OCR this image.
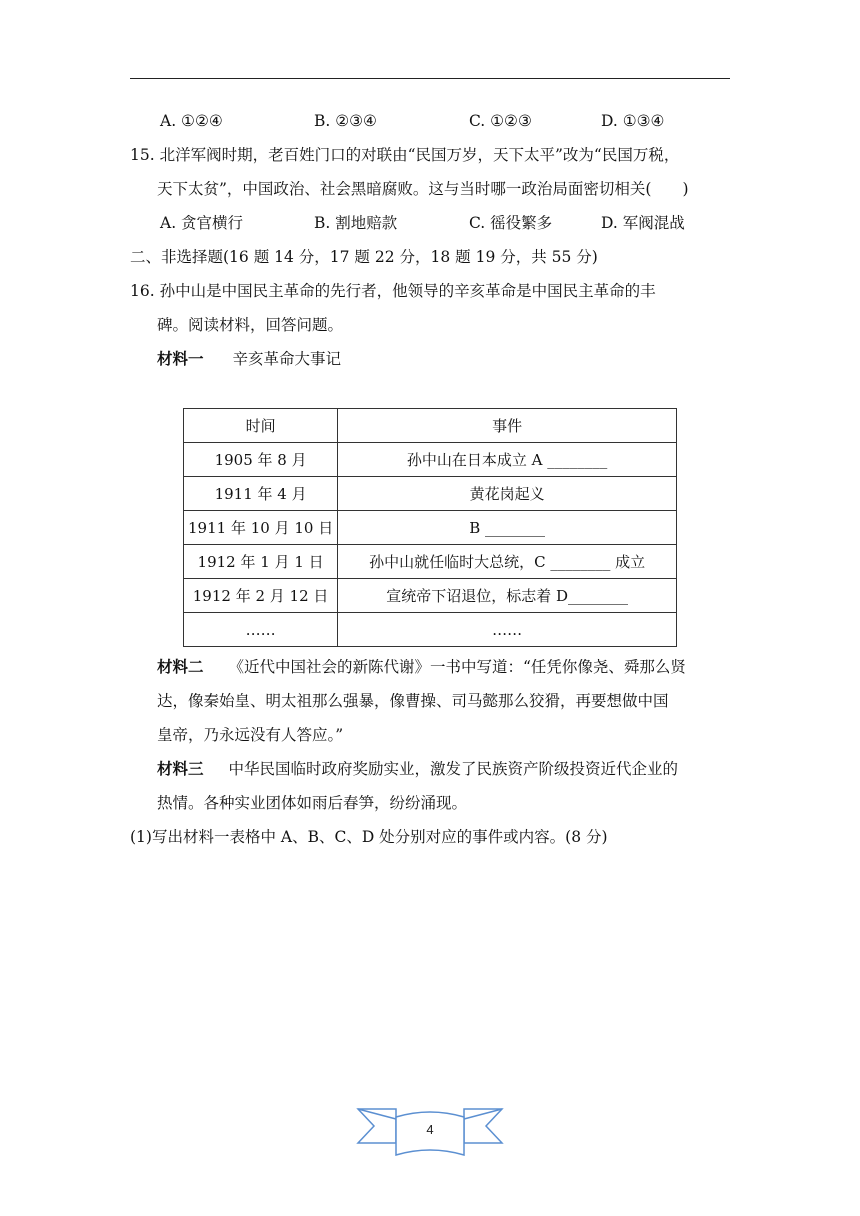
A. ①②④	B. ②③④	C. ①②③	D. ①③④
15. 北洋军阀时期，老百姓门口的对联由“民国万岁，天下太平”改为“民国万税，
天下太贫”，中国政治、社会黑暗腐败。这与当时哪一政治局面密切相关(　　)
A. 贪官横行	B. 割地赔款	C. 徭役繁多	D. 军阀混战
二、非选择题(16 题 14 分，17 题 22 分，18 题 19 分，共 55 分)
16. 孙中山是中国民主革命的先行者，他领导的辛亥革命是中国民主革命的丰
碑。阅读材料，回答问题。
材料一 辛亥革命大事记
时间	事件
1905 年 8 月	孙中山在日本成立 A ________
1911 年 4 月	黄花岗起义
1911 年 10 月 10 日	B ________
1912 年 1 月 1 日	孙中山就任临时大总统，C ________ 成立
1912 年 2 月 12 日	宣统帝下诏退位，标志着 D________
……	……
材料二 《近代中国社会的新陈代谢》一书中写道：“任凭你像尧、舜那么贤
达，像秦始皇、明太祖那么强暴，像曹操、司马懿那么狡猾，再要想做中国
皇帝，乃永远没有人答应。”
材料三 中华民国临时政府奖励实业，激发了民族资产阶级投资近代企业的
热情。各种实业团体如雨后春笋，纷纷涌现。
(1)写出材料一表格中 A、B、C、D 处分别对应的事件或内容。(8 分)
4
